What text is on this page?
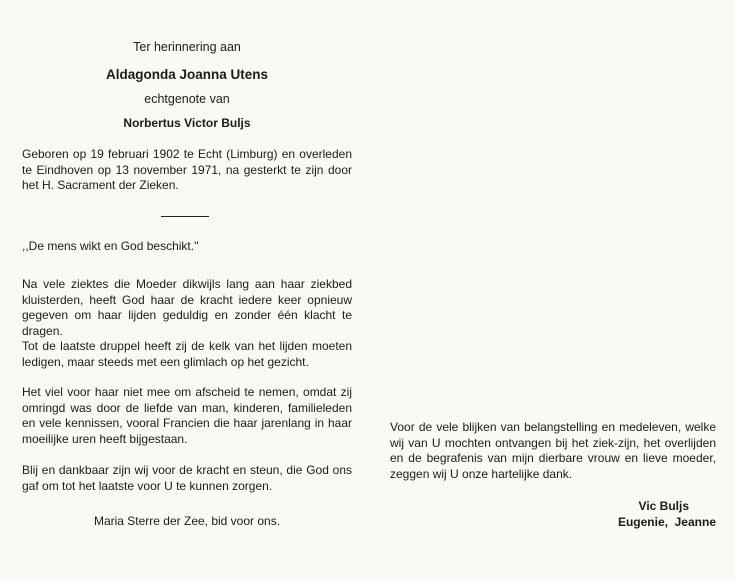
Ter herinnering aan
Aldagonda Joanna Utens
echtgenote van
Norbertus Victor Buljs
Geboren op 19 februari 1902 te Echt (Limburg) en overleden te Eindhoven op 13 november 1971, na gesterkt te zijn door het H. Sacrament der Zieken.
,,De mens wikt en God beschikt.''
Na vele ziektes die Moeder dikwijls lang aan haar ziekbed kluisterden, heeft God haar de kracht iedere keer opnieuw gegeven om haar lijden geduldig en zonder één klacht te dragen.
Tot de laatste druppel heeft zij de kelk van het lijden moeten ledigen, maar steeds met een glimlach op het gezicht.
Het viel voor haar niet mee om afscheid te nemen, omdat zij omringd was door de liefde van man, kinderen, familieleden en vele kennissen, vooral Francien die haar jarenlang in haar moeilijke uren heeft bijgestaan.
Blij en dankbaar zijn wij voor de kracht en steun, die God ons gaf om tot het laatste voor U te kunnen zorgen.
Maria Sterre der Zee, bid voor ons.
Voor de vele blijken van belangstelling en medeleven, welke wij van U mochten ontvangen bij het ziek-zijn, het overlijden en de begrafenis van mijn dierbare vrouw en lieve moeder, zeggen wij U onze hartelijke dank.
Vic Buljs
Eugenie,  Jeanne
